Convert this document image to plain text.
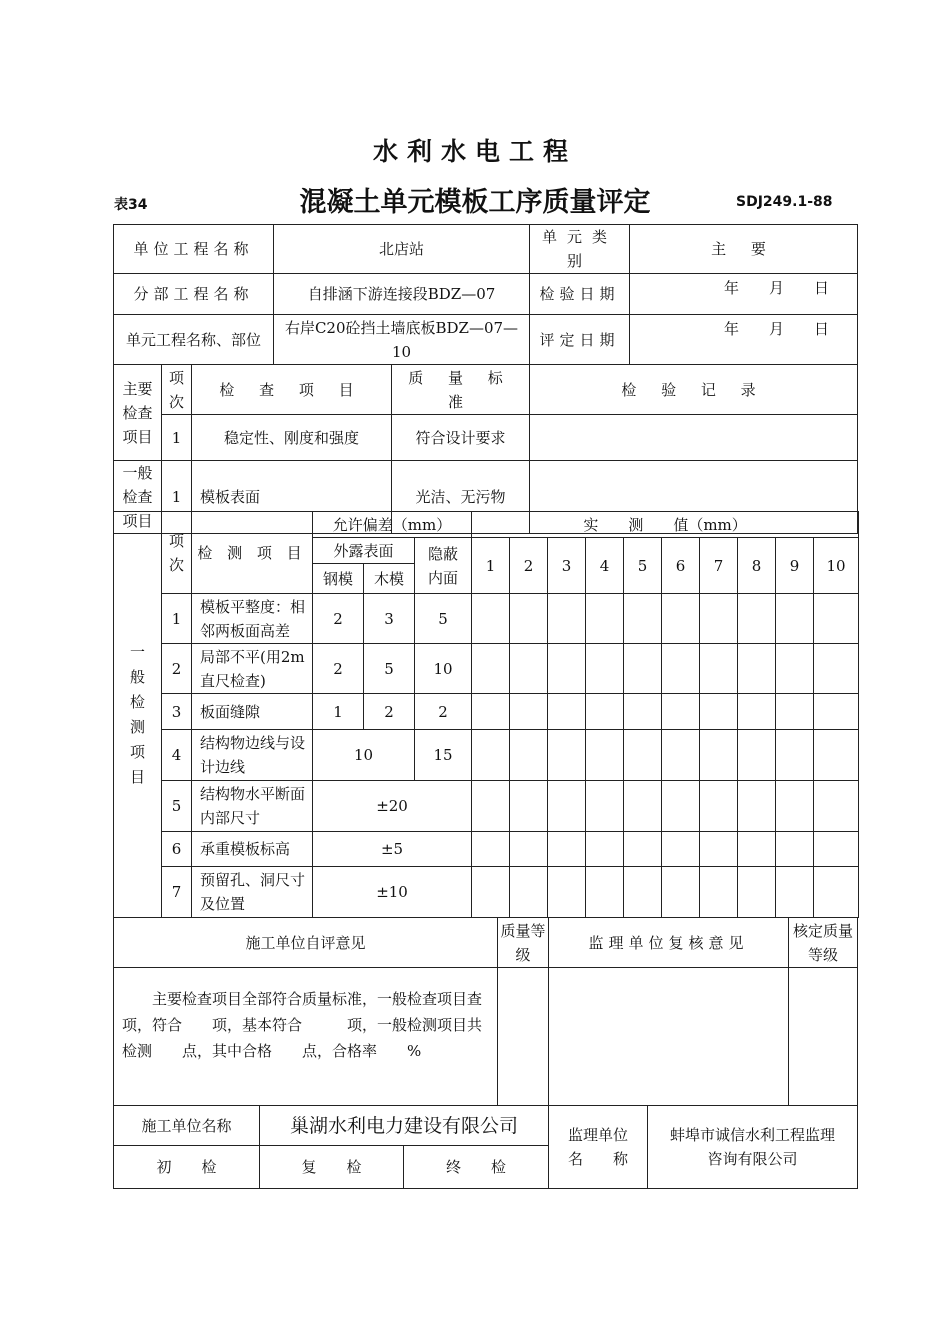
水利水电工程
表34	混凝土单元模板工序质量评定	SDJ249.1-88
单位工程名称			北店站		单元类别	主 要
分部工程名称			自排涵下游连接段BDZ—07		检验日期	年　　月　　日
单元工程名称、部位			右岸C20砼挡土墙底板BDZ—07—10		评定日期	年　　月　　日
主要检查项目	项次	检 查 项 目		质 量 标 准	检 验 记 录	
	1	稳定性、刚度和强度		符合设计要求		
一般检查项目	1	模板表面		光洁、无污物		
一般检测项目	项次	检 测 项 目	允许偏差（mm）			实　　测　　值（mm）									
			外露表面		隐蔽内面	1	2	3	4	5	6	7	8	9	10
			钢模	木模											
	1	模板平整度：相邻两板面高差	2	3	5										
	2	局部不平(用2m直尺检查)	2	5	10										
	3	板面缝隙	1	2	2										
	4	结构物边线与设计边线	10		15										
	5	结构物水平断面内部尺寸	±20												
	6	承重模板标高	±5												
	7	预留孔、洞尺寸及位置	±10												
施工单位自评意见	质量等级	监理单位复核意见	核定质量等级

主要检查项目全部符合质量标准，一般检查项目查　　项，符合　　项，基本符合　　　项，一般检测项目共检测　　点，其中合格　　点，合格率　　%			

施工单位名称	巢湖水利电力建设有限公司		监理单位名　　称	蚌埠市诚信水利工程监理咨询有限公司
初　　检	复　　检	终　　检		
